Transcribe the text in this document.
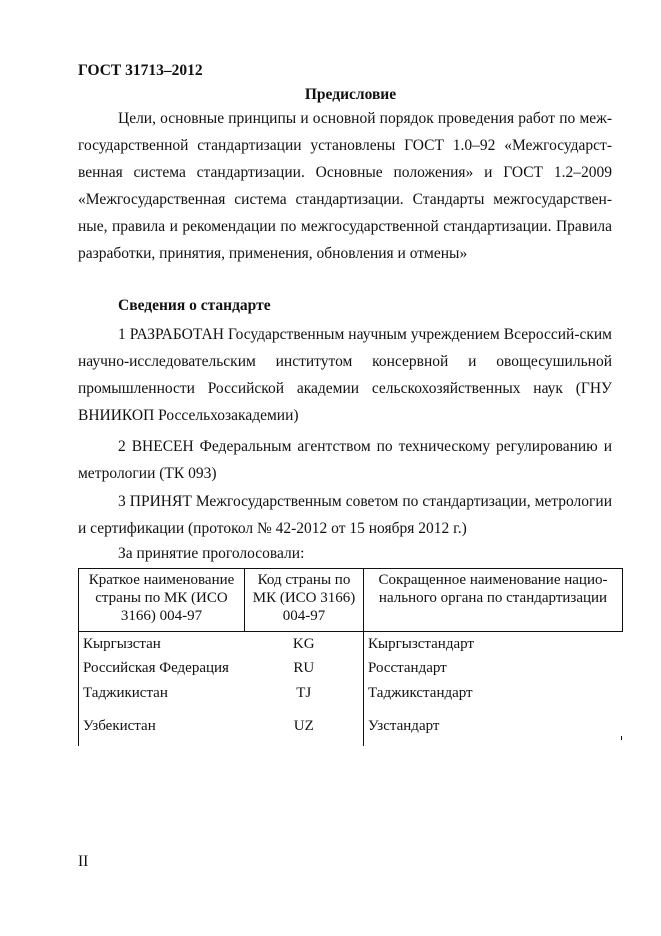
ГОСТ 31713–2012
Предисловие
Цели, основные принципы и основной порядок проведения работ по меж-государственной стандартизации установлены ГОСТ 1.0–92 «Межгосударст-венная система стандартизации. Основные положения» и ГОСТ 1.2–2009 «Межгосударственная система стандартизации. Стандарты межгосударствен-ные, правила и рекомендации по межгосударственной стандартизации. Правила разработки, принятия, применения, обновления и отмены»
Сведения о стандарте
1 РАЗРАБОТАН Государственным научным учреждением Всероссий-ским научно-исследовательским институтом консервной и овощесушильной промышленности Российской академии сельскохозяйственных наук (ГНУ ВНИИКОП Россельхозакадемии)
2 ВНЕСЕН Федеральным агентством по техническому регулированию и метрологии (ТК 093)
3 ПРИНЯТ Межгосударственным советом по стандартизации, метрологии и сертификации (протокол № 42-2012 от 15 ноября 2012 г.)
За принятие проголосовали:
Краткое наименование страны по МК (ИСО 3166) 004-97	Код страны по МК (ИСО 3166) 004-97	Сокращенное наименование нацио-нального органа по стандартизации
Кыргызстан	KG	Кыргызстандарт
Российская Федерация	RU	Росстандарт
Таджикистан	TJ	Таджикстандарт
Узбекистан	UZ	Узстандарт
II
